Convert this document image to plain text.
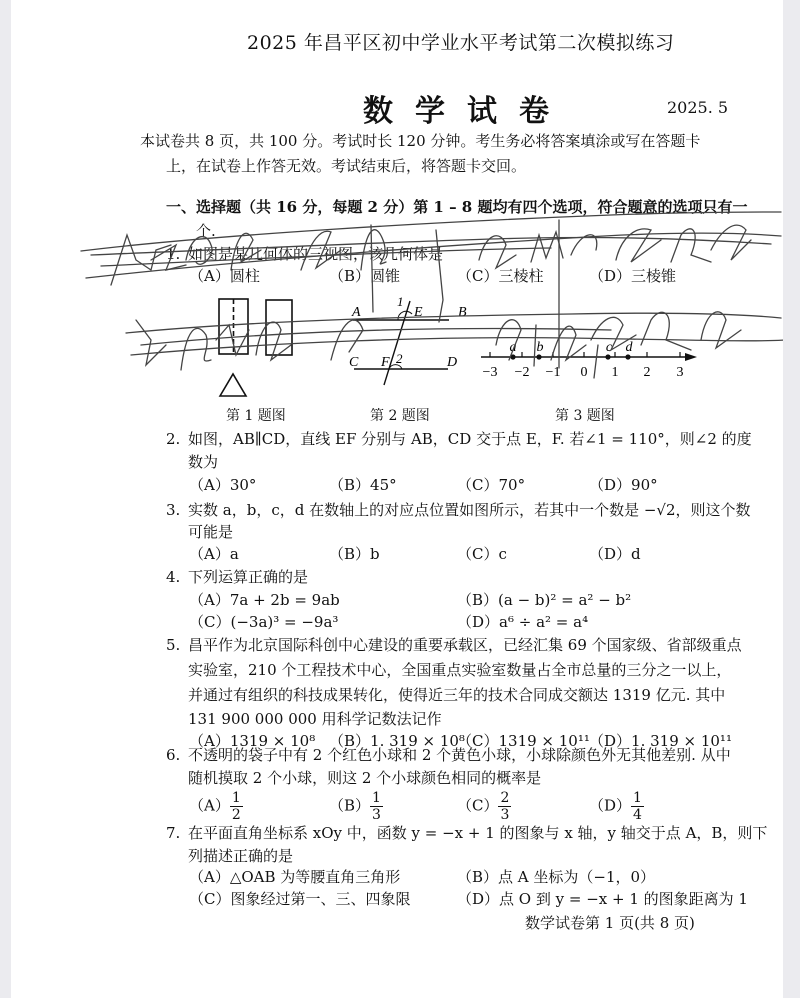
2025 年昌平区初中学业水平考试第二次模拟练习
数学试卷	2025. 5
本试卷共 8 页，共 100 分。考试时长 120 分钟。考生务必将答案填涂或写在答题卡
上，在试卷上作答无效。考试结束后，将答题卡交回。
一、选择题（共 16 分，每题 2 分）第 1 – 8 题均有四个选项，符合题意的选项只有一
个.
1. 如图是某几何体的三视图，该几何体是
（A）圆柱	（B）圆锥	（C）三棱柱	（D）三棱锥
第 1 题图
A
1
E	B
C F 2	D
第 2 题图
−3 −2 −1 0 1 2 3
a b	c d
第 3 题图
2. 如图，AB∥CD，直线 EF 分别与 AB，CD 交于点 E，F. 若∠1 = 110°，则∠2 的度
数为
（A）30°	（B）45°	（C）70°	（D）90°
3. 实数 a，b，c，d 在数轴上的对应点位置如图所示，若其中一个数是 −√2，则这个数
可能是
（A）a	（B）b	（C）c	（D）d
4. 下列运算正确的是
（A）7a + 2b = 9ab	（B）(a − b)² = a² − b²
（C）(−3a)³ = −9a³	（D）a⁶ ÷ a² = a⁴
5. 昌平作为北京国际科创中心建设的重要承载区，已经汇集 69 个国家级、省部级重点
实验室，210 个工程技术中心，全国重点实验室数量占全市总量的三分之一以上，
并通过有组织的科技成果转化，使得近三年的技术合同成交额达 1319 亿元. 其中
131 900 000 000 用科学记数法记作
（A）1319 × 10⁸ （B）1. 319 × 10⁸
（C）1319 × 10¹¹ （D）1. 319 × 10¹¹
6. 不透明的袋子中有 2 个红色小球和 2 个黄色小球，小球除颜色外无其他差别. 从中
随机摸取 2 个小球，则这 2 个小球颜色相同的概率是
$(A) \frac{1}{2}$	$(B) \frac{1}{3}$	$(C) \frac{2}{3}$	$(D) \frac{1}{4}$
7. 在平面直角坐标系 xOy 中，函数 y = −x + 1 的图象与 x 轴，y 轴交于点 A，B，则下
列描述正确的是
（A）△OAB 为等腰直角三角形	（B）点 A 坐标为（−1，0）
（C）图象经过第一、三、四象限	（D）点 O 到 y = −x + 1 的图象距离为 1
数学试卷第 1 页(共 8 页)
